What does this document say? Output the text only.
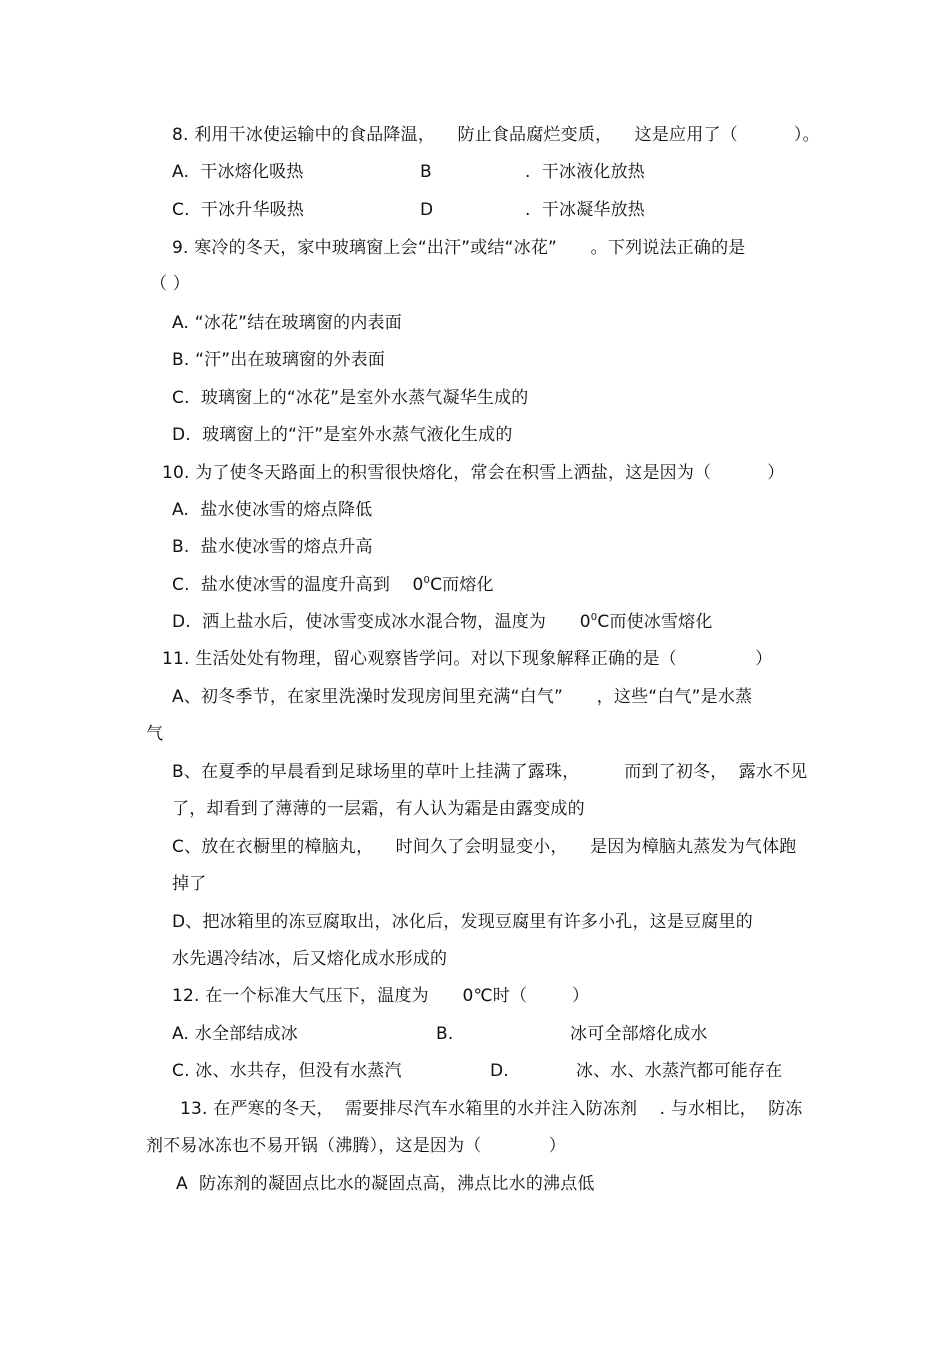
8. 利用干冰使运输中的食品降温，    防止食品腐烂变质，    这是应用了（          ）。
A.  干冰熔化吸热	B	.  干冰液化放热
C.  干冰升华吸热	D	.  干冰凝华放热
9. 寒冷的冬天，家中玻璃窗上会“出汗”或结“冰花”      。下列说法正确的是
（ ）
A. “冰花”结在玻璃窗的内表面
B. “汗”出在玻璃窗的外表面
C.  玻璃窗上的“冰花”是室外水蒸气凝华生成的
D.  玻璃窗上的“汗”是室外水蒸气液化生成的
10. 为了使冬天路面上的积雪很快熔化，常会在积雪上洒盐，这是因为（          ）
A.  盐水使冰雪的熔点降低
B.  盐水使冰雪的熔点升高
C.  盐水使冰雪的温度升高到    $0^0C$而熔化
D.  洒上盐水后，使冰雪变成冰水混合物，温度为      $0^0C$而使冰雪熔化
11. 生活处处有物理，留心观察皆学问。对以下现象解释正确的是（              ）
A、初冬季节，在家里洗澡时发现房间里充满“白气”      ，这些“白气”是水蒸
气
B、在夏季的早晨看到足球场里的草叶上挂满了露珠，        而到了初冬，  露水不见
了，却看到了薄薄的一层霜，有人认为霜是由露变成的
C、放在衣橱里的樟脑丸，    时间久了会明显变小，    是因为樟脑丸蒸发为气体跑
掉了
D、把冰箱里的冻豆腐取出，冰化后，发现豆腐里有许多小孔，这是豆腐里的
水先遇冷结冰，后又熔化成水形成的
12. 在一个标准大气压下，温度为      0℃时（        ）
A. 水全部结成冰	B.	冰可全部熔化成水
C. 冰、水共存，但没有水蒸汽	D.	冰、水、水蒸汽都可能存在
13. 在严寒的冬天，  需要排尽汽车水箱里的水并注入防冻剂    . 与水相比，  防冻
剂不易冰冻也不易开锅（沸腾），这是因为（            ）
A  防冻剂的凝固点比水的凝固点高，沸点比水的沸点低
